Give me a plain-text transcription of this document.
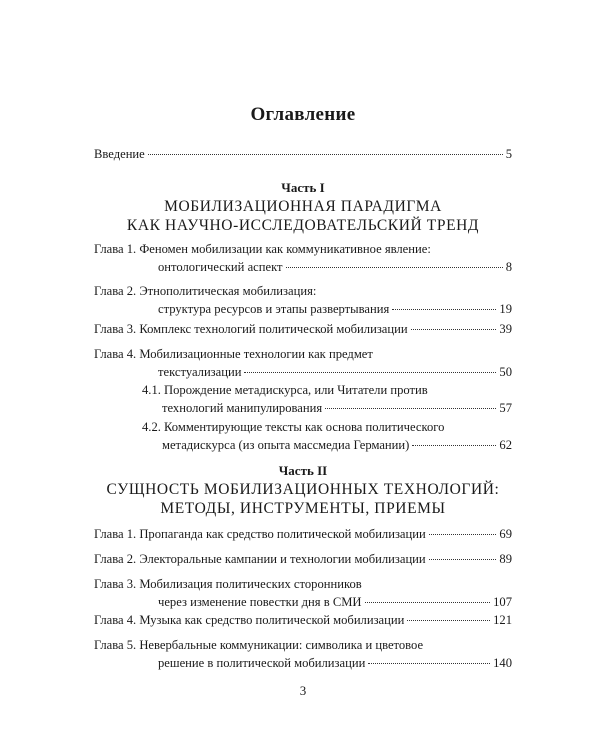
Оглавление
Введение	5
Часть I
МОБИЛИЗАЦИОННАЯ ПАРАДИГМА
КАК НАУЧНО-ИССЛЕДОВАТЕЛЬСКИЙ ТРЕНД
Глава 1. Феномен мобилизации как коммуникативное явление:
онтологический аспект	8
Глава 2. Этнополитическая мобилизация:
структура ресурсов и этапы развертывания	19
Глава 3. Комплекс технологий политической мобилизации	39
Глава 4. Мобилизационные технологии как предмет
текстуализации	50
4.1. Порождение метадискурса, или Читатели против
технологий манипулирования	57
4.2. Комментирующие тексты как основа политического
метадискурса (из опыта массмедиа Германии)	62
Часть II
СУЩНОСТЬ МОБИЛИЗАЦИОННЫХ ТЕХНОЛОГИЙ:
МЕТОДЫ, ИНСТРУМЕНТЫ, ПРИЕМЫ
Глава 1. Пропаганда как средство политической мобилизации	69
Глава 2. Электоральные кампании и технологии мобилизации	89
Глава 3. Мобилизация политических сторонников
через изменение повестки дня в СМИ	107
Глава 4. Музыка как средство политической мобилизации	121
Глава 5. Невербальные коммуникации: символика и цветовое
решение в политической мобилизации	140
3
